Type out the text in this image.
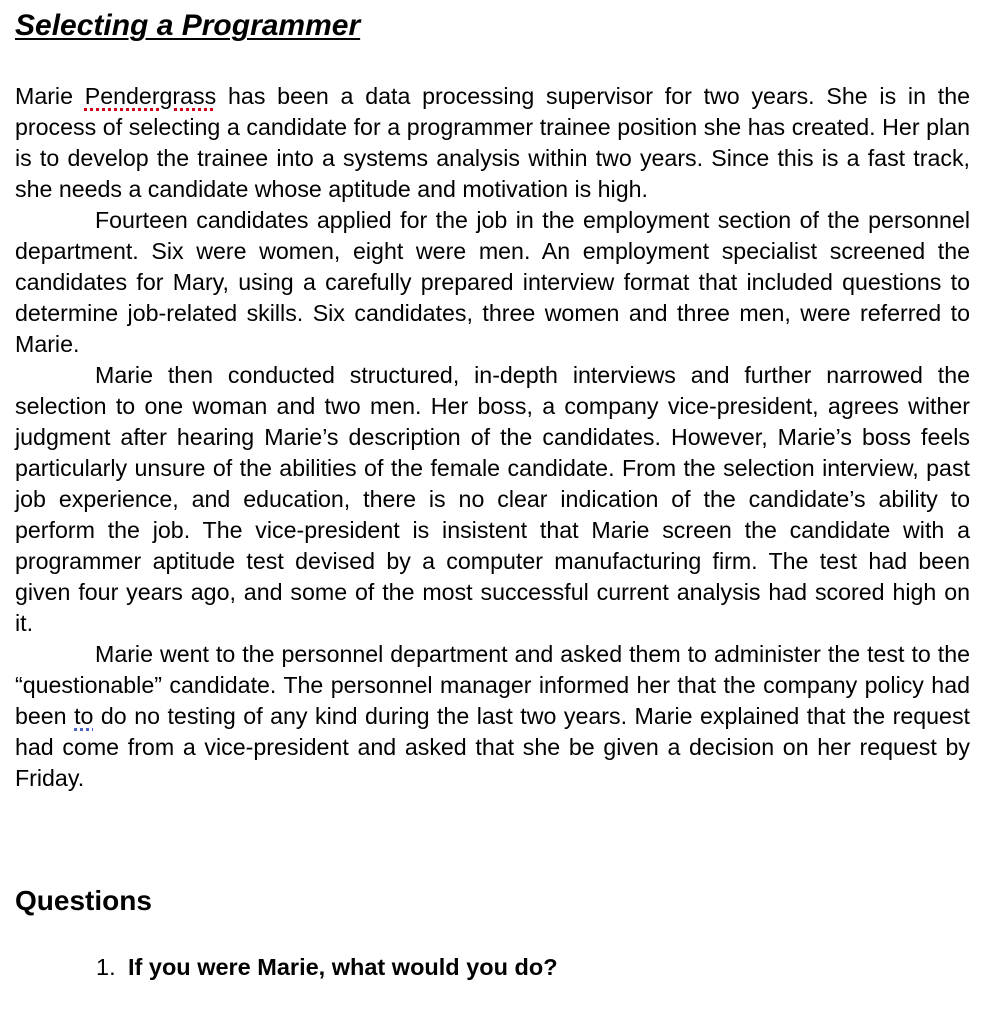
Selecting a Programmer

Marie Pendergrass has been a data processing supervisor for two years. She is in the process of selecting a candidate for a programmer trainee position she has created. Her plan is to develop the trainee into a systems analysis within two years. Since this is a fast track, she needs a candidate whose aptitude and motivation is high.

Fourteen candidates applied for the job in the employment section of the personnel department. Six were women, eight were men. An employment specialist screened the candidates for Mary, using a carefully prepared interview format that included questions to determine job-related skills. Six candidates, three women and three men, were referred to Marie.

Marie then conducted structured, in-depth interviews and further narrowed the selection to one woman and two men. Her boss, a company vice-president, agrees wither judgment after hearing Marie’s description of the candidates. However, Marie’s boss feels particularly unsure of the abilities of the female candidate. From the selection interview, past job experience, and education, there is no clear indication of the candidate’s ability to perform the job. The vice-president is insistent that Marie screen the candidate with a programmer aptitude test devised by a computer manufacturing firm. The test had been given four years ago, and some of the most successful current analysis had scored high on it.

Marie went to the personnel department and asked them to administer the test to the “questionable” candidate. The personnel manager informed her that the company policy had been to do no testing of any kind during the last two years. Marie explained that the request had come from a vice-president and asked that she be given a decision on her request by Friday.

Questions
1. If you were Marie, what would you do?
